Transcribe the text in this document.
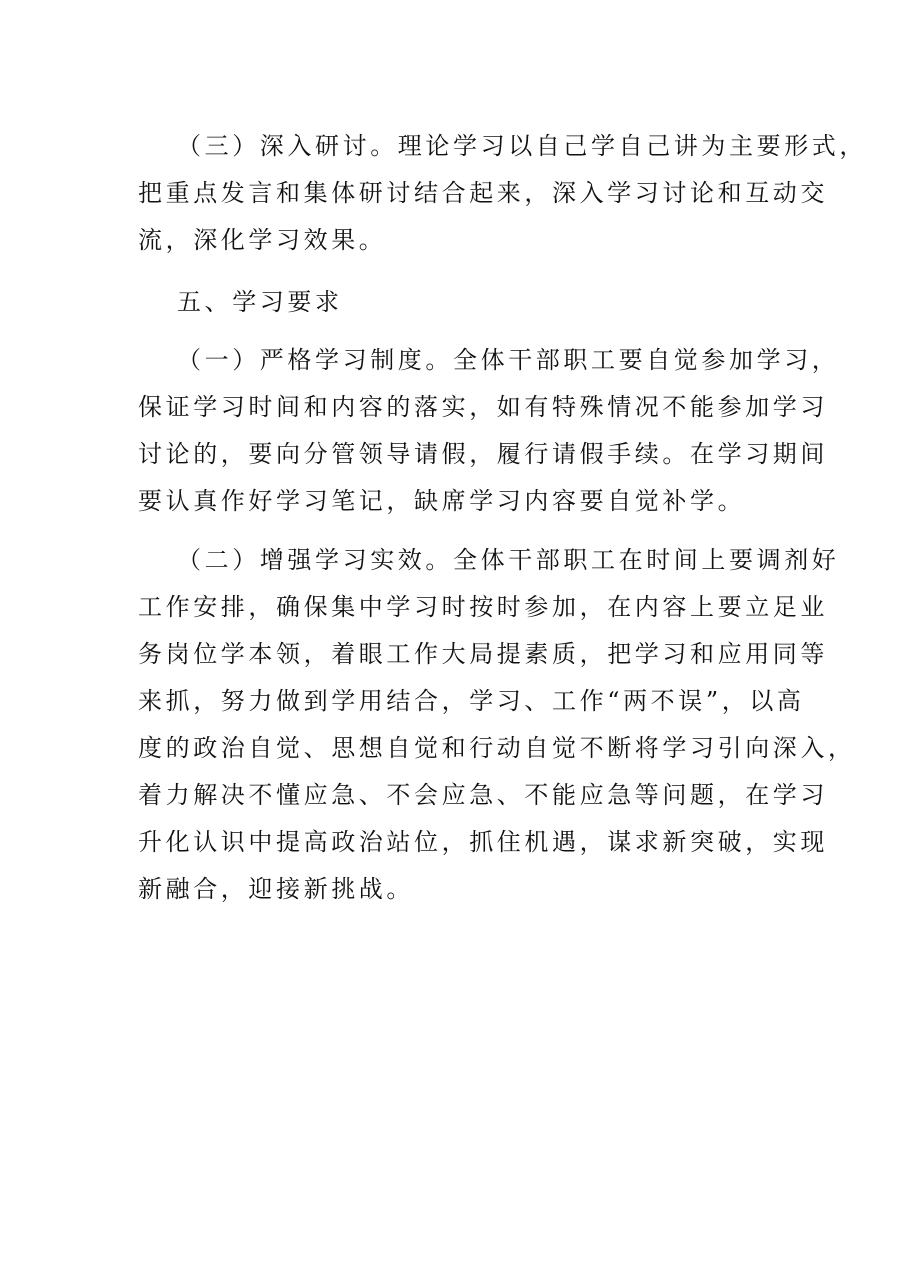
（三）深入研讨。理论学习以自己学自己讲为主要形式，

把重点发言和集体研讨结合起来，深入学习讨论和互动交

流，深化学习效果。

五、学习要求

（一）严格学习制度。全体干部职工要自觉参加学习，

保证学习时间和内容的落实，如有特殊情况不能参加学习

讨论的，要向分管领导请假，履行请假手续。在学习期间

要认真作好学习笔记，缺席学习内容要自觉补学。

（二）增强学习实效。全体干部职工在时间上要调剂好

工作安排，确保集中学习时按时参加，在内容上要立足业

务岗位学本领，着眼工作大局提素质，把学习和应用同等

来抓，努力做到学用结合，学习、工作“两不误”，以高

度的政治自觉、思想自觉和行动自觉不断将学习引向深入，

着力解决不懂应急、不会应急、不能应急等问题，在学习

升化认识中提高政治站位，抓住机遇，谋求新突破，实现

新融合，迎接新挑战。
